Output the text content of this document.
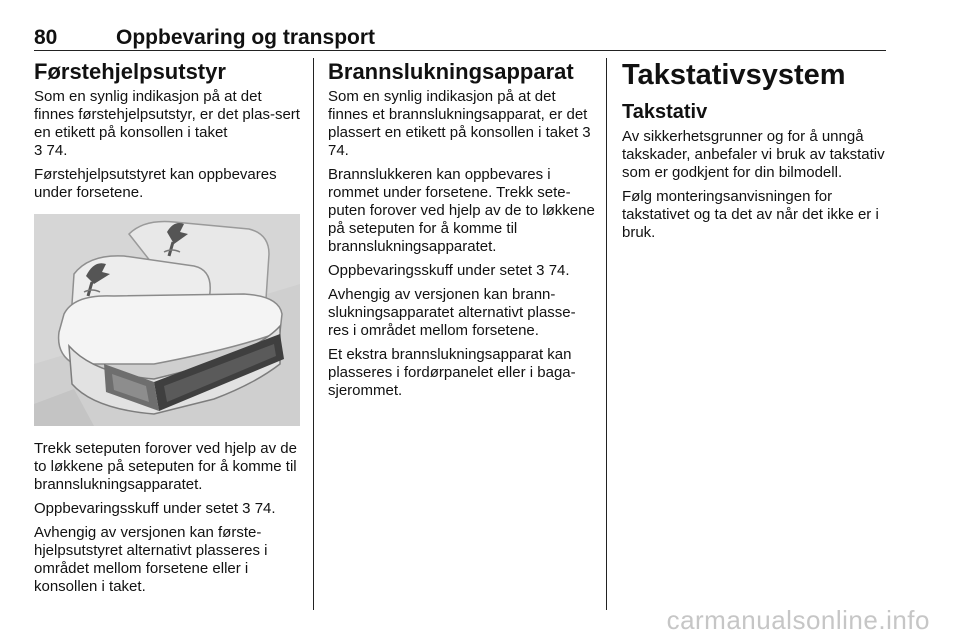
80	Oppbevaring og transport
Førstehjelpsutstyr

Som en synlig indikasjon på at det finnes førstehjelpsutstyr, er det plas-sert en etikett på konsollen i taket
3 74.

Førstehjelpsutstyret kan oppbevares under forsetene.

Trekk seteputen forover ved hjelp av de to løkkene på seteputen for å komme til brannslukningsapparatet.

Oppbevaringsskuff under setet 3 74.

Avhengig av versjonen kan første-hjelpsutstyret alternativt plasseres i området mellom forsetene eller i konsollen i taket.

Brannslukningsapparat

Som en synlig indikasjon på at det finnes et brannslukningsapparat, er det plassert en etikett på konsollen i taket 3 74.

Brannslukkeren kan oppbevares i rommet under forsetene. Trekk sete-puten forover ved hjelp av de to løkkene på seteputen for å komme til brannslukningsapparatet.

Oppbevaringsskuff under setet 3 74.

Avhengig av versjonen kan brann-slukningsapparatet alternativt plasse-res i området mellom forsetene.

Et ekstra brannslukningsapparat kan plasseres i fordørpanelet eller i baga-sjerommet.

Takstativsystem
Takstativ

Av sikkerhetsgrunner og for å unngå takskader, anbefaler vi bruk av takstativ som er godkjent for din bilmodell.

Følg monteringsanvisningen for takstativet og ta det av når det ikke er i bruk.

carmanualsonline.info
